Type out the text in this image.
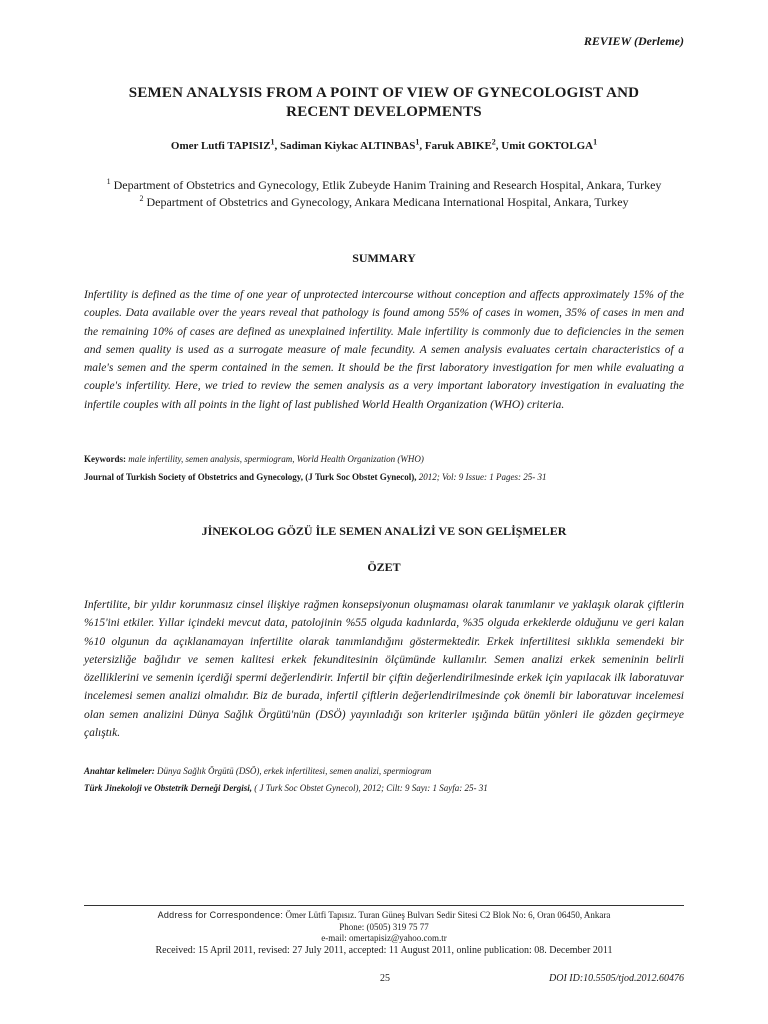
REVIEW (Derleme)
SEMEN ANALYSIS FROM A POINT OF VIEW OF GYNECOLOGIST AND
RECENT DEVELOPMENTS
Omer Lutfi TAPISIZ$^1$, Sadiman Kiykac ALTINBAS$^1$, Faruk ABIKE$^2$, Umit GOKTOLGA$^1$
$^1$ Department of Obstetrics and Gynecology, Etlik Zubeyde Hanim Training and Research Hospital, Ankara, Turkey
$^2$ Department of Obstetrics and Gynecology, Ankara Medicana International Hospital, Ankara, Turkey
SUMMARY
Infertility is defined as the time of one year of unprotected intercourse without conception and affects approximately 15% of the couples. Data available over the years reveal that pathology is found among 55% of cases in women, 35% of cases in men and the remaining 10% of cases are defined as unexplained infertility. Male infertility is commonly due to deficiencies in the semen and semen quality is used as a surrogate measure of male fecundity. A semen analysis evaluates certain characteristics of a male's semen and the sperm contained in the semen. It should be the first laboratory investigation for men while evaluating a couple's infertility. Here, we tried to review the semen analysis as a very important laboratory investigation in evaluating the infertile couples with all points in the light of last published World Health Organization (WHO) criteria.
Keywords: male infertility, semen analysis, spermiogram, World Health Organization (WHO)
Journal of Turkish Society of Obstetrics and Gynecology, (J Turk Soc Obstet Gynecol), 2012; Vol: 9 Issue: 1 Pages: 25- 31
JİNEKOLOG GÖZÜ İLE SEMEN ANALİZİ VE SON GELİŞMELER
ÖZET
Infertilite, bir yıldır korunmasız cinsel ilişkiye rağmen konsepsiyonun oluşmaması olarak tanımlanır ve yaklaşık olarak çiftlerin %15'ini etkiler. Yıllar içindeki mevcut data, patolojinin %55 olguda kadınlarda, %35 olguda erkeklerde olduğunu ve geri kalan %10 olgunun da açıklanamayan infertilite olarak tanımlandığını göstermektedir. Erkek infertilitesi sıklıkla semendeki bir yetersizliğe bağlıdır ve semen kalitesi erkek fekunditesinin ölçümünde kullanılır. Semen analizi erkek semeninin belirli özelliklerini ve semenin içerdiği spermi değerlendirir. Infertil bir çiftin değerlendirilmesinde erkek için yapılacak ilk laboratuvar incelemesi semen analizi olmalıdır. Biz de burada, infertil çiftlerin değerlendirilmesinde çok önemli bir laboratuvar incelemesi olan semen analizini Dünya Sağlık Örgütü'nün (DSÖ) yayınladığı son kriterler ışığında bütün yönleri ile gözden geçirmeye çalıştık.
Anahtar kelimeler: Dünya Sağlık Örgütü (DSÖ), erkek infertilitesi, semen analizi, spermiogram
Türk Jinekoloji ve Obstetrik Derneği Dergisi, ( J Turk Soc Obstet Gynecol), 2012; Cilt: 9 Sayı: 1 Sayfa: 25- 31
Address for Correspondence: Ömer Lütfi Tapısız. Turan Güneş Bulvarı Sedir Sitesi C2 Blok No: 6, Oran 06450, Ankara
Phone: (0505) 319 75 77
e-mail: omertapisiz@yahoo.com.tr
Received: 15 April 2011, revised: 27 July 2011, accepted: 11 August 2011, online publication: 08. December 2011
25	DOI ID:10.5505/tjod.2012.60476
